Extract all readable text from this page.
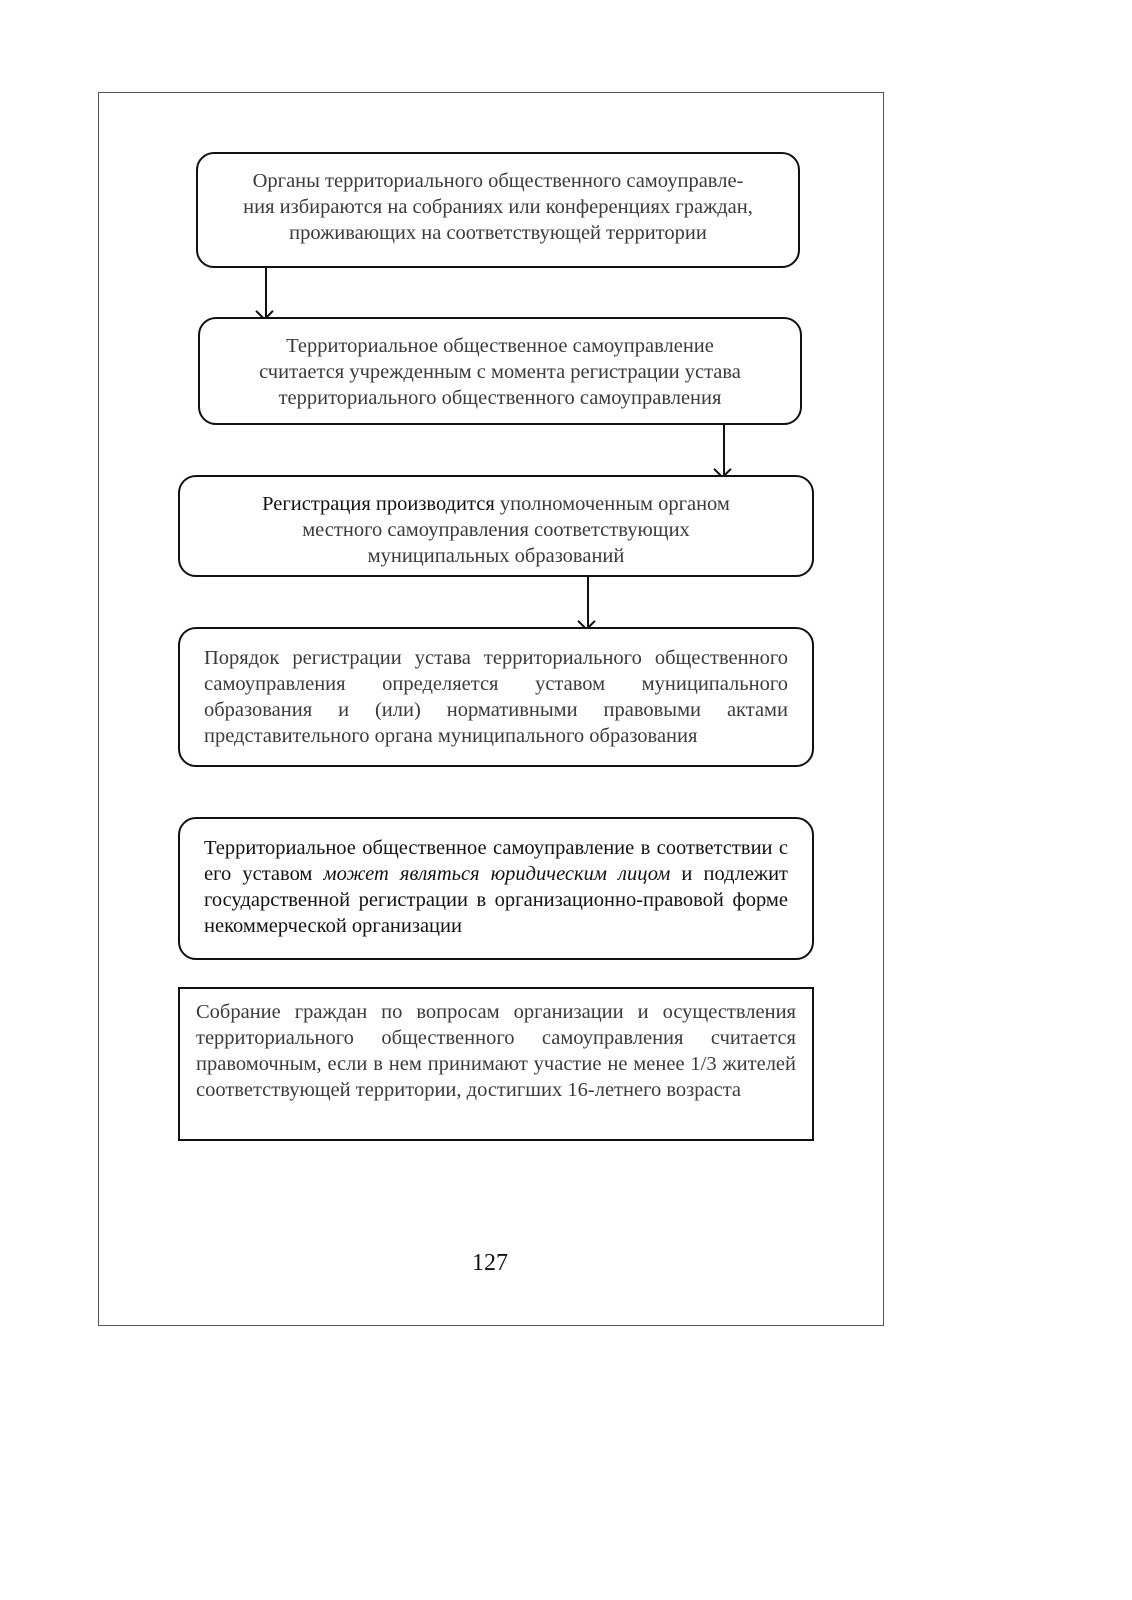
Органы территориального общественного самоуправле-
ния избираются на собраниях или конференциях граждан,
проживающих на соответствующей территории
Территориальное общественное самоуправление
считается учрежденным с момента регистрации устава
территориального общественного самоуправления
Регистрация производится уполномоченным органом
местного самоуправления соответствующих
муниципальных образований
Порядок регистрации устава территориального общественного самоуправления определяется уставом муниципального образования и (или) нормативными правовыми актами представительного органа муниципального образования
Территориальное общественное самоуправление в соответствии с его уставом может являться юридическим лицом и подлежит государственной регистрации в организационно-правовой форме некоммерческой организации
Собрание граждан по вопросам организации и осуществления территориального общественного самоуправления считается правомочным, если в нем принимают участие не менее 1/3 жителей соответствующей территории, достигших 16-летнего возраста
127
